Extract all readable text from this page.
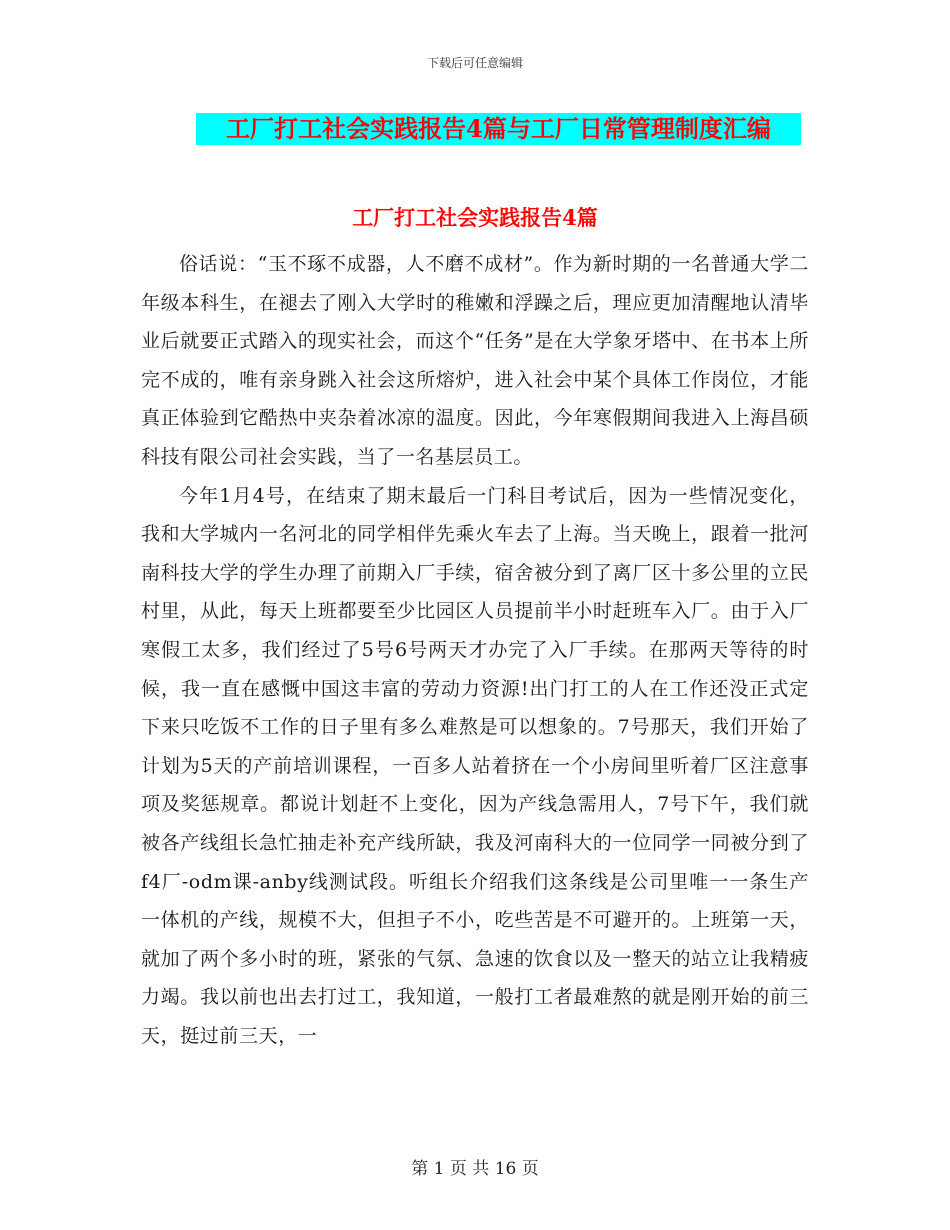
下载后可任意编辑
工厂打工社会实践报告4篇与工厂日常管理制度汇编
工厂打工社会实践报告4篇

俗话说：“玉不琢不成器，人不磨不成材”。作为新时期的一名普通大学二年级本科生，在褪去了刚入大学时的稚嫩和浮躁之后，理应更加清醒地认清毕业后就要正式踏入的现实社会，而这个“任务”是在大学象牙塔中、在书本上所完不成的，唯有亲身跳入社会这所熔炉，进入社会中某个具体工作岗位，才能真正体验到它酷热中夹杂着冰凉的温度。因此，今年寒假期间我进入上海昌硕科技有限公司社会实践，当了一名基层员工。

今年1月4号，在结束了期末最后一门科目考试后，因为一些情况变化，我和大学城内一名河北的同学相伴先乘火车去了上海。当天晚上，跟着一批河南科技大学的学生办理了前期入厂手续，宿舍被分到了离厂区十多公里的立民村里，从此，每天上班都要至少比园区人员提前半小时赶班车入厂。由于入厂寒假工太多，我们经过了5号6号两天才办完了入厂手续。在那两天等待的时候，我一直在感慨中国这丰富的劳动力资源!出门打工的人在工作还没正式定下来只吃饭不工作的日子里有多么难熬是可以想象的。7号那天，我们开始了计划为5天的产前培训课程，一百多人站着挤在一个小房间里听着厂区注意事项及奖惩规章。都说计划赶不上变化，因为产线急需用人，7号下午，我们就被各产线组长急忙抽走补充产线所缺，我及河南科大的一位同学一同被分到了f4厂-odm课-anby线测试段。听组长介绍我们这条线是公司里唯一一条生产一体机的产线，规模不大，但担子不小，吃些苦是不可避开的。上班第一天，就加了两个多小时的班，紧张的气氛、急速的饮食以及一整天的站立让我精疲力竭。我以前也出去打过工，我知道，一般打工者最难熬的就是刚开始的前三天，挺过前三天，一

第 1 页 共 16 页
